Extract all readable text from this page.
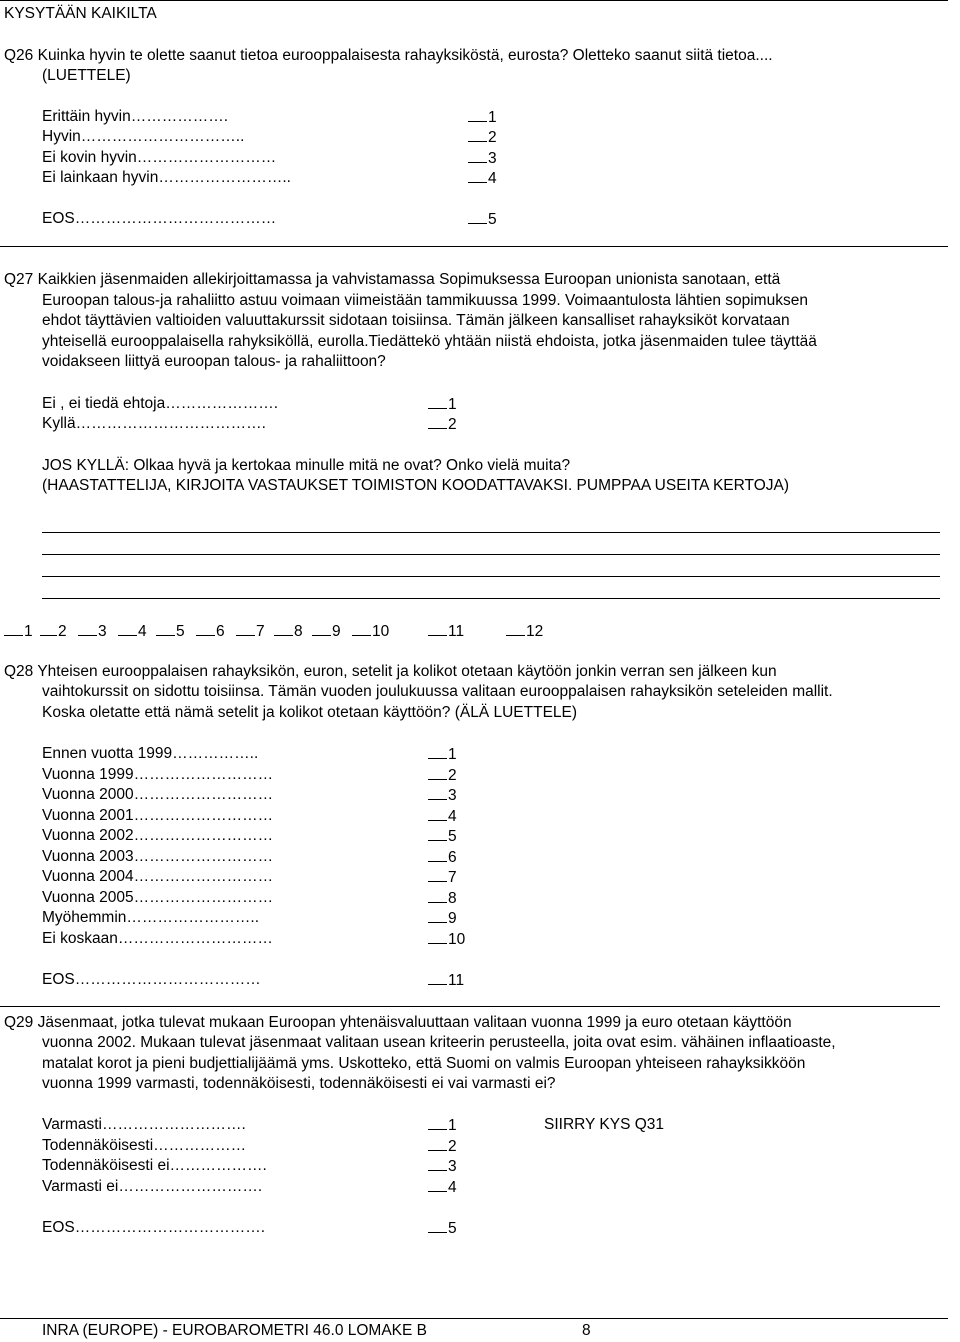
KYSYTÄÄN KAIKILTA
Q26 Kuinka hyvin te olette saanut tietoa eurooppalaisesta rahayksiköstä, eurosta? Oletteko saanut siitä tietoa....
(LUETTELE)
Erittäin hyvin……………….	1
Hyvin…………………………..	2
Ei kovin hyvin………………………	3
Ei lainkaan hyvin……………………..	4
EOS…………………………………	5
Q27 Kaikkien jäsenmaiden allekirjoittamassa ja vahvistamassa Sopimuksessa Euroopan unionista sanotaan, että
Euroopan talous-ja rahaliitto astuu voimaan viimeistään tammikuussa 1999. Voimaantulosta lähtien sopimuksen
ehdot täyttävien valtioiden valuuttakurssit sidotaan toisiinsa. Tämän jälkeen kansalliset rahayksiköt korvataan
yhteisellä eurooppalaisella rahyksiköllä, eurolla.Tiedättekö yhtään niistä ehdoista, jotka jäsenmaiden tulee täyttää
voidakseen liittyä euroopan talous- ja rahaliittoon?
Ei , ei tiedä ehtoja………………….	1
Kyllä……………………………….	2
JOS KYLLÄ: Olkaa hyvä ja kertokaa minulle mitä ne ovat? Onko vielä muita?
(HAASTATTELIJA, KIRJOITA VASTAUKSET TOIMISTON KOODATTAVAKSI. PUMPPAA USEITA KERTOJA)
1	2	3	4	5	6	7	8	9	10	11	12
Q28 Yhteisen eurooppalaisen rahayksikön, euron, setelit ja kolikot otetaan käytöön jonkin verran sen jälkeen kun
vaihtokurssit on sidottu toisiinsa. Tämän vuoden joulukuussa valitaan eurooppalaisen rahayksikön seteleiden mallit.
Koska oletatte että nämä setelit ja kolikot otetaan käyttöön? (ÄLÄ LUETTELE)
Ennen vuotta 1999……………..	1
Vuonna 1999………………………	2
Vuonna 2000………………………	3
Vuonna 2001………………………	4
Vuonna 2002………………………	5
Vuonna 2003………………………	6
Vuonna 2004………………………	7
Vuonna 2005………………………	8
Myöhemmin……………………..	9
Ei koskaan…………………………	10
EOS………………………………	11
Q29 Jäsenmaat, jotka tulevat mukaan Euroopan yhtenäisvaluuttaan valitaan vuonna 1999 ja euro otetaan käyttöön
vuonna 2002. Mukaan tulevat jäsenmaat valitaan usean kriteerin perusteella, joita ovat esim. vähäinen inflaatioaste,
matalat korot ja pieni budjettialijäämä yms. Uskotteko, että Suomi on valmis Euroopan yhteiseen rahayksikköön
vuonna 1999 varmasti, todennäköisesti, todennäköisesti ei vai varmasti ei?
Varmasti……………………….	1	SIIRRY KYS Q31
Todennäköisesti………………	2
Todennäköisesti ei……………….	3
Varmasti ei……………………….	4
EOS……………………………….	5
INRA (EUROPE) - EUROBAROMETRI 46.0 LOMAKE B	8
